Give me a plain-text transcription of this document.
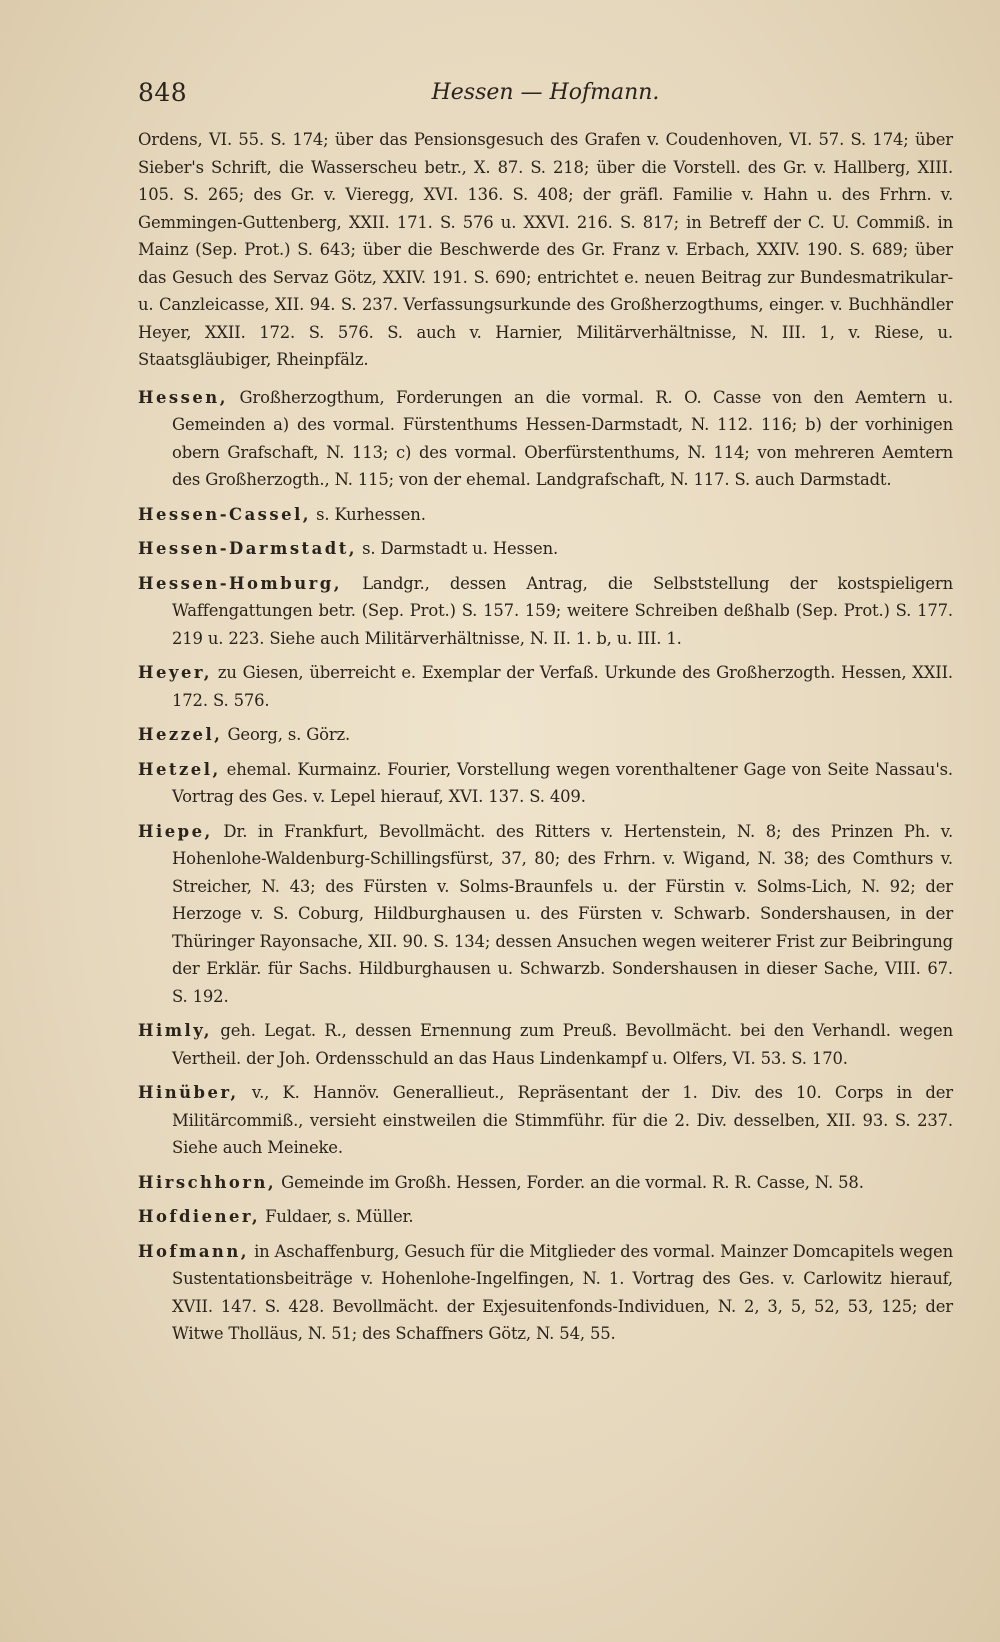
848	Hessen — Hofmann.

Ordens, VI. 55. S. 174; über das Pensionsgesuch des Grafen v. Coudenhoven, VI. 57. S. 174; über Sieber's Schrift, die Wasserscheu betr., X. 87. S. 218; über die Vorstell. des Gr. v. Hallberg, XIII. 105. S. 265; des Gr. v. Vieregg, XVI. 136. S. 408; der gräfl. Familie v. Hahn u. des Frhrn. v. Gemmingen-Guttenberg, XXII. 171. S. 576 u. XXVI. 216. S. 817; in Betreff der C. U. Commiß. in Mainz (Sep. Prot.) S. 643; über die Beschwerde des Gr. Franz v. Erbach, XXIV. 190. S. 689; über das Gesuch des Servaz Götz, XXIV. 191. S. 690; entrichtet e. neuen Beitrag zur Bundesmatrikular- u. Canzleicasse, XII. 94. S. 237. Verfassungsurkunde des Großherzogthums, einger. v. Buchhändler Heyer, XXII. 172. S. 576. S. auch v. Harnier, Militärverhältnisse, N. III. 1, v. Riese, u. Staatsgläubiger, Rheinpfälz.

Hessen, Großherzogthum, Forderungen an die vormal. R. O. Casse von den Aemtern u. Gemeinden a) des vormal. Fürstenthums Hessen-Darmstadt, N. 112. 116; b) der vorhinigen obern Grafschaft, N. 113; c) des vormal. Oberfürstenthums, N. 114; von mehreren Aemtern des Großherzogth., N. 115; von der ehemal. Landgrafschaft, N. 117. S. auch Darmstadt.

Hessen-Cassel, s. Kurhessen.

Hessen-Darmstadt, s. Darmstadt u. Hessen.

Hessen-Homburg, Landgr., dessen Antrag, die Selbststellung der kostspieligern Waffengattungen betr. (Sep. Prot.) S. 157. 159; weitere Schreiben deßhalb (Sep. Prot.) S. 177. 219 u. 223. Siehe auch Militärverhältnisse, N. II. 1. b, u. III. 1.

Heyer, zu Giesen, überreicht e. Exemplar der Verfaß. Urkunde des Großherzogth. Hessen, XXII. 172. S. 576.

Hezzel, Georg, s. Görz.

Hetzel, ehemal. Kurmainz. Fourier, Vorstellung wegen vorenthaltener Gage von Seite Nassau's. Vortrag des Ges. v. Lepel hierauf, XVI. 137. S. 409.

Hiepe, Dr. in Frankfurt, Bevollmächt. des Ritters v. Hertenstein, N. 8; des Prinzen Ph. v. Hohenlohe-Waldenburg-Schillingsfürst, 37, 80; des Frhrn. v. Wigand, N. 38; des Comthurs v. Streicher, N. 43; des Fürsten v. Solms-Braunfels u. der Fürstin v. Solms-Lich, N. 92; der Herzoge v. S. Coburg, Hildburghausen u. des Fürsten v. Schwarb. Sondershausen, in der Thüringer Rayonsache, XII. 90. S. 134; dessen Ansuchen wegen weiterer Frist zur Beibringung der Erklär. für Sachs. Hildburghausen u. Schwarzb. Sondershausen in dieser Sache, VIII. 67. S. 192.

Himly, geh. Legat. R., dessen Ernennung zum Preuß. Bevollmächt. bei den Verhandl. wegen Vertheil. der Joh. Ordensschuld an das Haus Lindenkampf u. Olfers, VI. 53. S. 170.

Hinüber, v., K. Hannöv. Generallieut., Repräsentant der 1. Div. des 10. Corps in der Militärcommiß., versieht einstweilen die Stimmführ. für die 2. Div. desselben, XII. 93. S. 237. Siehe auch Meineke.

Hirschhorn, Gemeinde im Großh. Hessen, Forder. an die vormal. R. R. Casse, N. 58.

Hofdiener, Fuldaer, s. Müller.

Hofmann, in Aschaffenburg, Gesuch für die Mitglieder des vormal. Mainzer Domcapitels wegen Sustentationsbeiträge v. Hohenlohe-Ingelfingen, N. 1. Vortrag des Ges. v. Carlowitz hierauf, XVII. 147. S. 428. Bevollmächt. der Exjesuitenfonds-Individuen, N. 2, 3, 5, 52, 53, 125; der Witwe Tholläus, N. 51; des Schaffners Götz, N. 54, 55.
